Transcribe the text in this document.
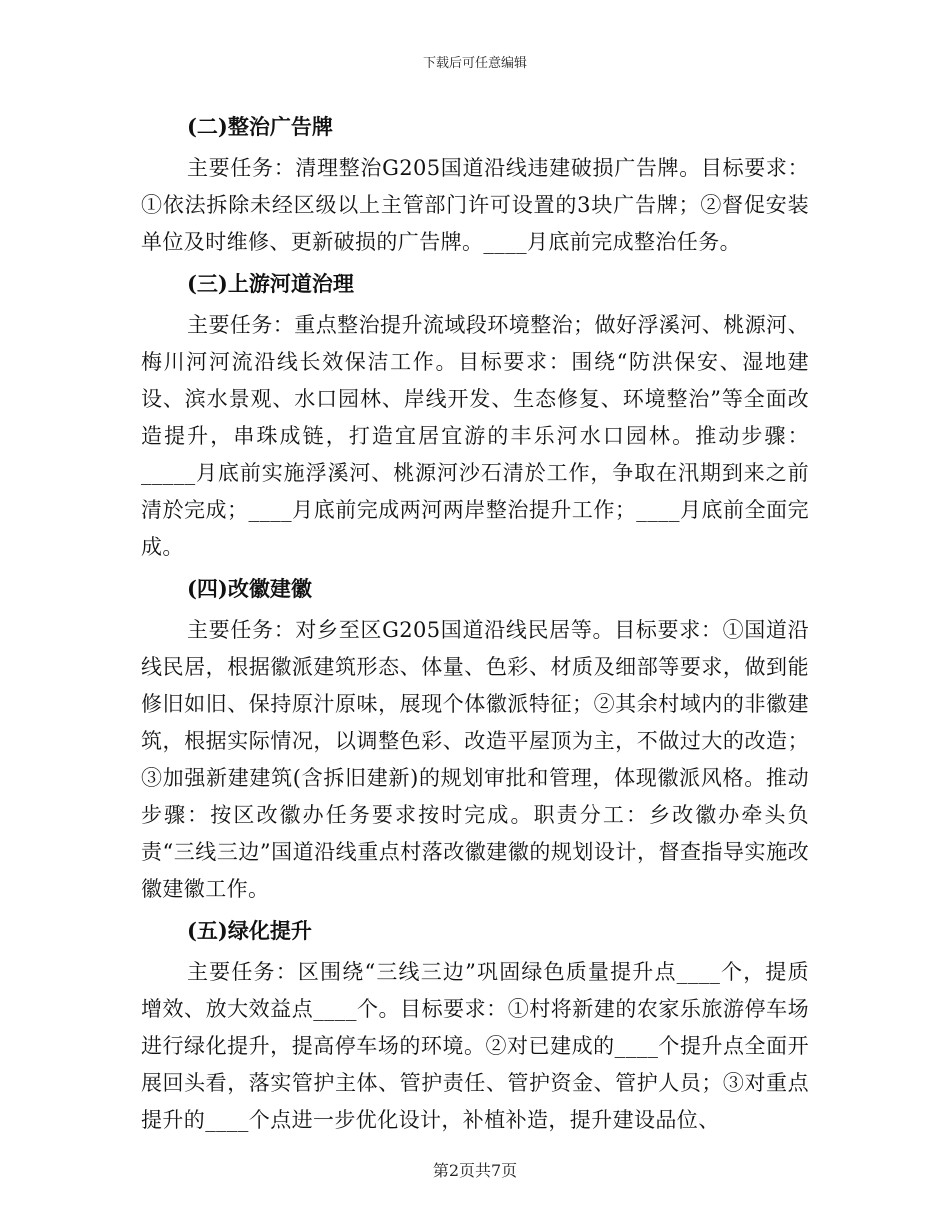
下载后可任意编辑
(二)整治广告牌

主要任务：清理整治G205国道沿线违建破损广告牌。目标要求：①依法拆除未经区级以上主管部门许可设置的3块广告牌；②督促安装单位及时维修、更新破损的广告牌。____月底前完成整治任务。

(三)上游河道治理

主要任务：重点整治提升流域段环境整治；做好浮溪河、桃源河、梅川河河流沿线长效保洁工作。目标要求：围绕“防洪保安、湿地建设、滨水景观、水口园林、岸线开发、生态修复、环境整治”等全面改造提升，串珠成链，打造宜居宜游的丰乐河水口园林。推动步骤：_____月底前实施浮溪河、桃源河沙石清於工作，争取在汛期到来之前清於完成；____月底前完成两河两岸整治提升工作；____月底前全面完成。

(四)改徽建徽

主要任务：对乡至区G205国道沿线民居等。目标要求：①国道沿线民居，根据徽派建筑形态、体量、色彩、材质及细部等要求，做到能修旧如旧、保持原汁原味，展现个体徽派特征；②其余村域内的非徽建筑，根据实际情况，以调整色彩、改造平屋顶为主，不做过大的改造；③加强新建建筑(含拆旧建新)的规划审批和管理，体现徽派风格。推动步骤：按区改徽办任务要求按时完成。职责分工：乡改徽办牵头负责“三线三边”国道沿线重点村落改徽建徽的规划设计，督查指导实施改徽建徽工作。

(五)绿化提升

主要任务：区围绕“三线三边”巩固绿色质量提升点____个，提质增效、放大效益点____个。目标要求：①村将新建的农家乐旅游停车场进行绿化提升，提高停车场的环境。②对已建成的____个提升点全面开展回头看，落实管护主体、管护责任、管护资金、管护人员；③对重点提升的____个点进一步优化设计，补植补造，提升建设品位、

第2页共7页
